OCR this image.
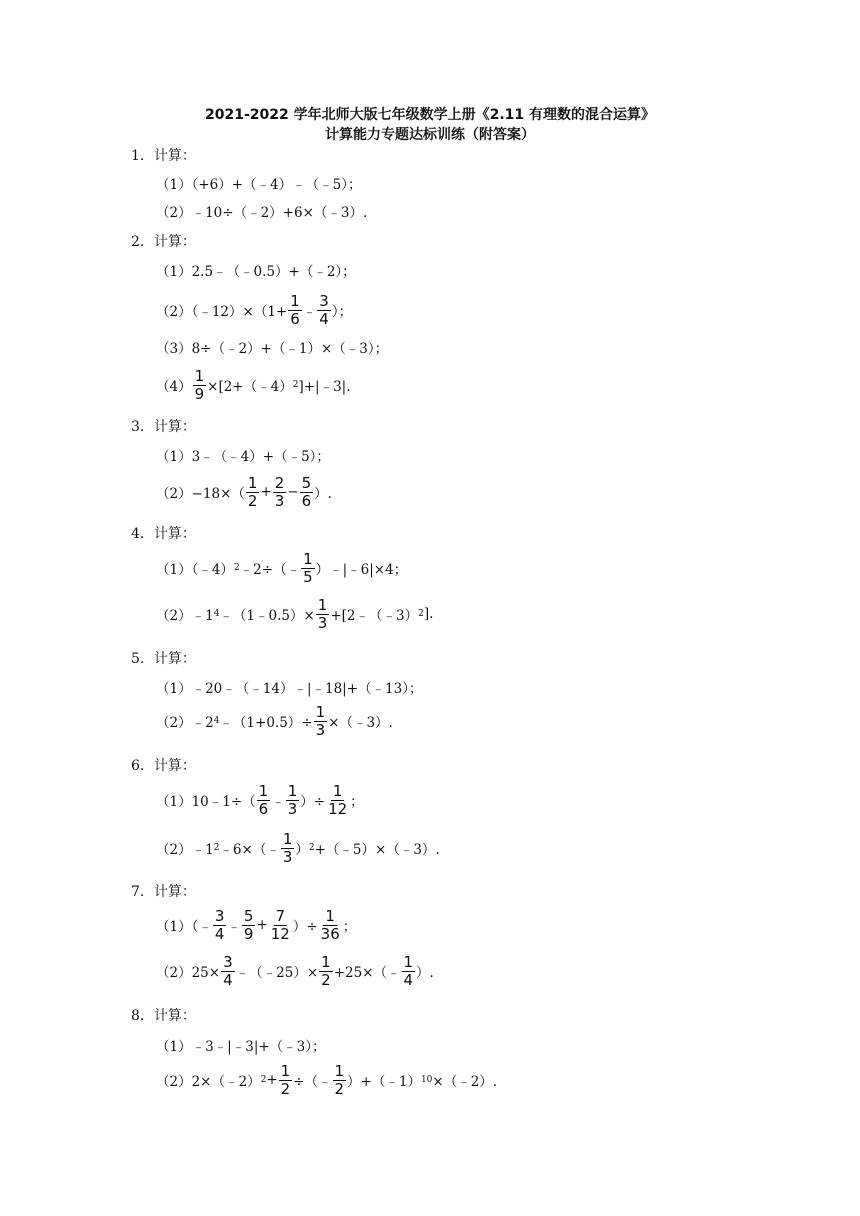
2021-2022 学年北师大版七年级数学上册《2.11 有理数的混合运算》
计算能力专题达标训练（附答案）
1．计算：
（1）（+6）+（﹣4）﹣（﹣5）；
（2）﹣10÷（﹣2）+6×（﹣3）.
2．计算：
（1）2.5﹣（﹣0.5）+（﹣2）；
（2）（﹣12）×（1+ $\frac{1}{6}$ ﹣ $\frac{3}{4}$ ）；
（3）8÷（﹣2）+（﹣1）×（﹣3）；
$(4) \frac{1}{9}$ ×[2+（﹣4） 2 ]+|﹣3|.
3．计算：
（1）3﹣（﹣4）+（﹣5）；
$(2) -18\times( \frac{1}{2} + \frac{2}{3} - \frac{5}{6}$ ）.
4．计算：
（1）（﹣4） 2 ﹣2÷（﹣ $\frac{1}{5}$ ）﹣|﹣6|×4；
（2）﹣1 4 ﹣（1﹣0.5）× $\frac{1}{3}$ +[2﹣（﹣3） 2 ].
5．计算：
（1）﹣20﹣（﹣14）﹣|﹣18|+（﹣13）；
（2）﹣2 4 ﹣（1+0.5）÷ $\frac{1}{3}$ ×（﹣3）.
6．计算：
（1）10﹣1÷（ $\frac{1}{6}$ ﹣ $\frac{1}{3}$ ）÷ $\frac{1}{12}$ ；
（2）﹣1 2 ﹣6×（﹣ $\frac{1}{3}$ ） 2 +（﹣5）×（﹣3）.
7．计算：
（1）（﹣ $\frac{3}{4}$ ﹣ $\frac{5}{9} + \frac{7}{12}$ ）÷ $\frac{1}{36}$ ；
$(2)25\times \frac{3}{4}$ ﹣（﹣25）× $\frac{1}{2}$ +25×（﹣ $\frac{1}{4}$ ）.
8．计算：
（1）﹣3﹣|﹣3|+（﹣3）；
（2）2×（﹣2） $2 + \frac{1}{2}$ ÷（﹣ $\frac{1}{2}$ ）+（﹣1） 10 ×（﹣2）.
